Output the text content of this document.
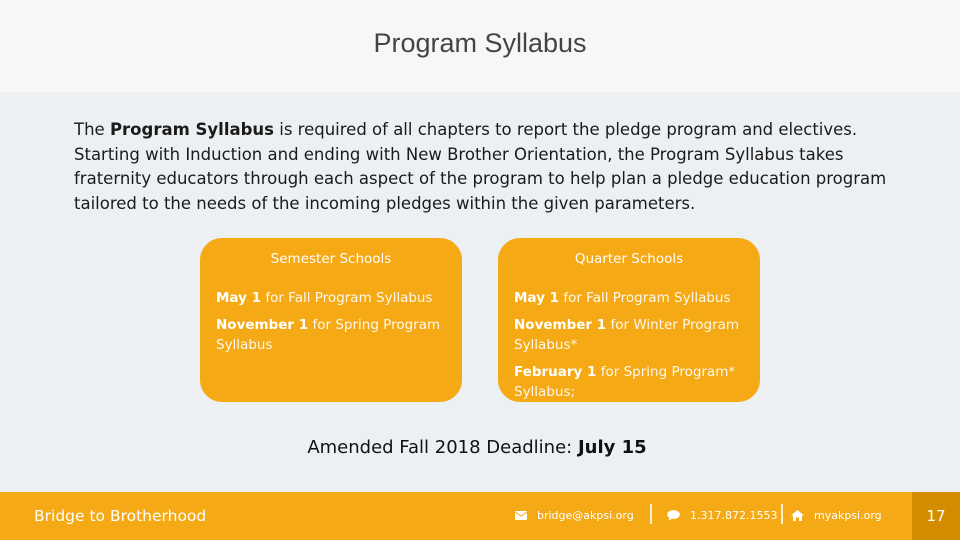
Program Syllabus
The Program Syllabus is required of all chapters to report the pledge program and electives. Starting with Induction and ending with New Brother Orientation, the Program Syllabus takes fraternity educators through each aspect of the program to help plan a pledge education program tailored to the needs of the incoming pledges within the given parameters.
Semester Schools
May 1 for Fall Program Syllabus
November 1 for Spring Program Syllabus
Quarter Schools
May 1 for Fall Program Syllabus
November 1 for Winter Program Syllabus*
February 1 for Spring Program* Syllabus;
Amended Fall 2018 Deadline: July 15
Bridge to Brotherhood	bridge@akpsi.org	1.317.872.1553	myakpsi.org	17
